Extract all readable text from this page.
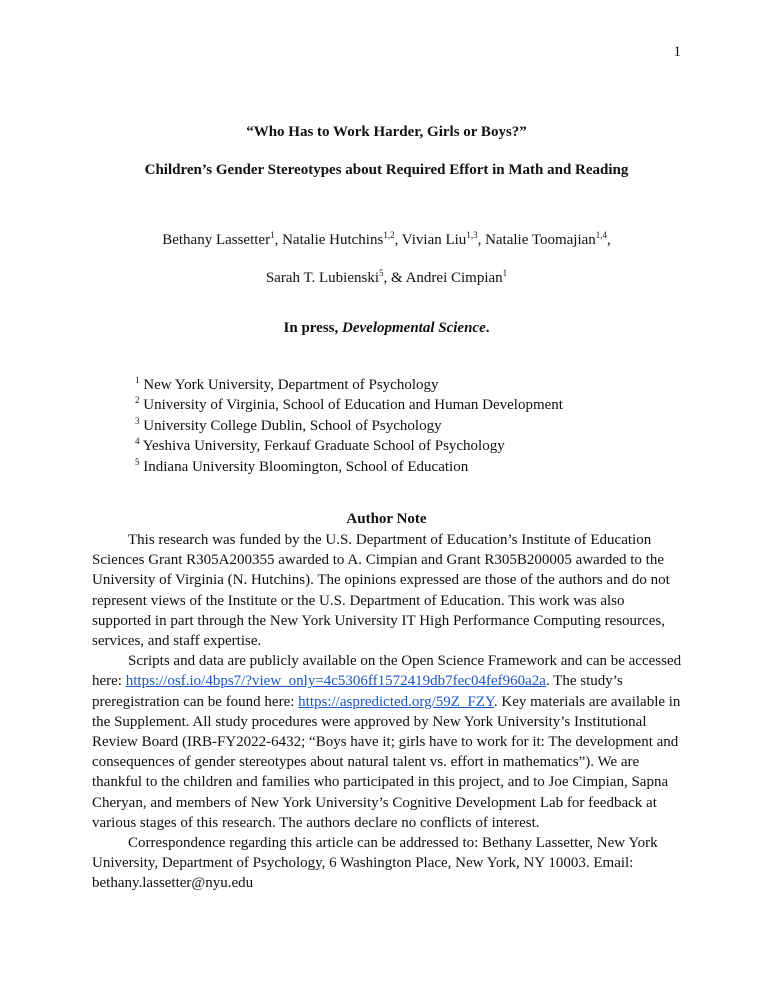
1
“Who Has to Work Harder, Girls or Boys?”
Children’s Gender Stereotypes about Required Effort in Math and Reading
Bethany Lassetter$^1$, Natalie Hutchins$^{1,2}$, Vivian Liu$^{1,3}$, Natalie Toomajian$^{1,4}$,
Sarah T. Lubienski$^5$, & Andrei Cimpian$^1$
In press, Developmental Science.
$^1$ New York University, Department of Psychology
$^2$ University of Virginia, School of Education and Human Development
$^3$ University College Dublin, School of Psychology
$^4$ Yeshiva University, Ferkauf Graduate School of Psychology
$^5$ Indiana University Bloomington, School of Education
Author Note

This research was funded by the U.S. Department of Education’s Institute of Education Sciences Grant R305A200355 awarded to A. Cimpian and Grant R305B200005 awarded to the University of Virginia (N. Hutchins). The opinions expressed are those of the authors and do not represent views of the Institute or the U.S. Department of Education. This work was also supported in part through the New York University IT High Performance Computing resources, services, and staff expertise.

Scripts and data are publicly available on the Open Science Framework and can be accessed here: https://osf.io/4bps7/?view_only=4c5306ff1572419db7fec04fef960a2a. The study’s preregistration can be found here: https://aspredicted.org/59Z_FZY. Key materials are available in the Supplement. All study procedures were approved by New York University’s Institutional Review Board (IRB-FY2022-6432; “Boys have it; girls have to work for it: The development and consequences of gender stereotypes about natural talent vs. effort in mathematics”). We are thankful to the children and families who participated in this project, and to Joe Cimpian, Sapna Cheryan, and members of New York University’s Cognitive Development Lab for feedback at various stages of this research. The authors declare no conflicts of interest.

Correspondence regarding this article can be addressed to: Bethany Lassetter, New York University, Department of Psychology, 6 Washington Place, New York, NY 10003. Email: bethany.lassetter@nyu.edu
